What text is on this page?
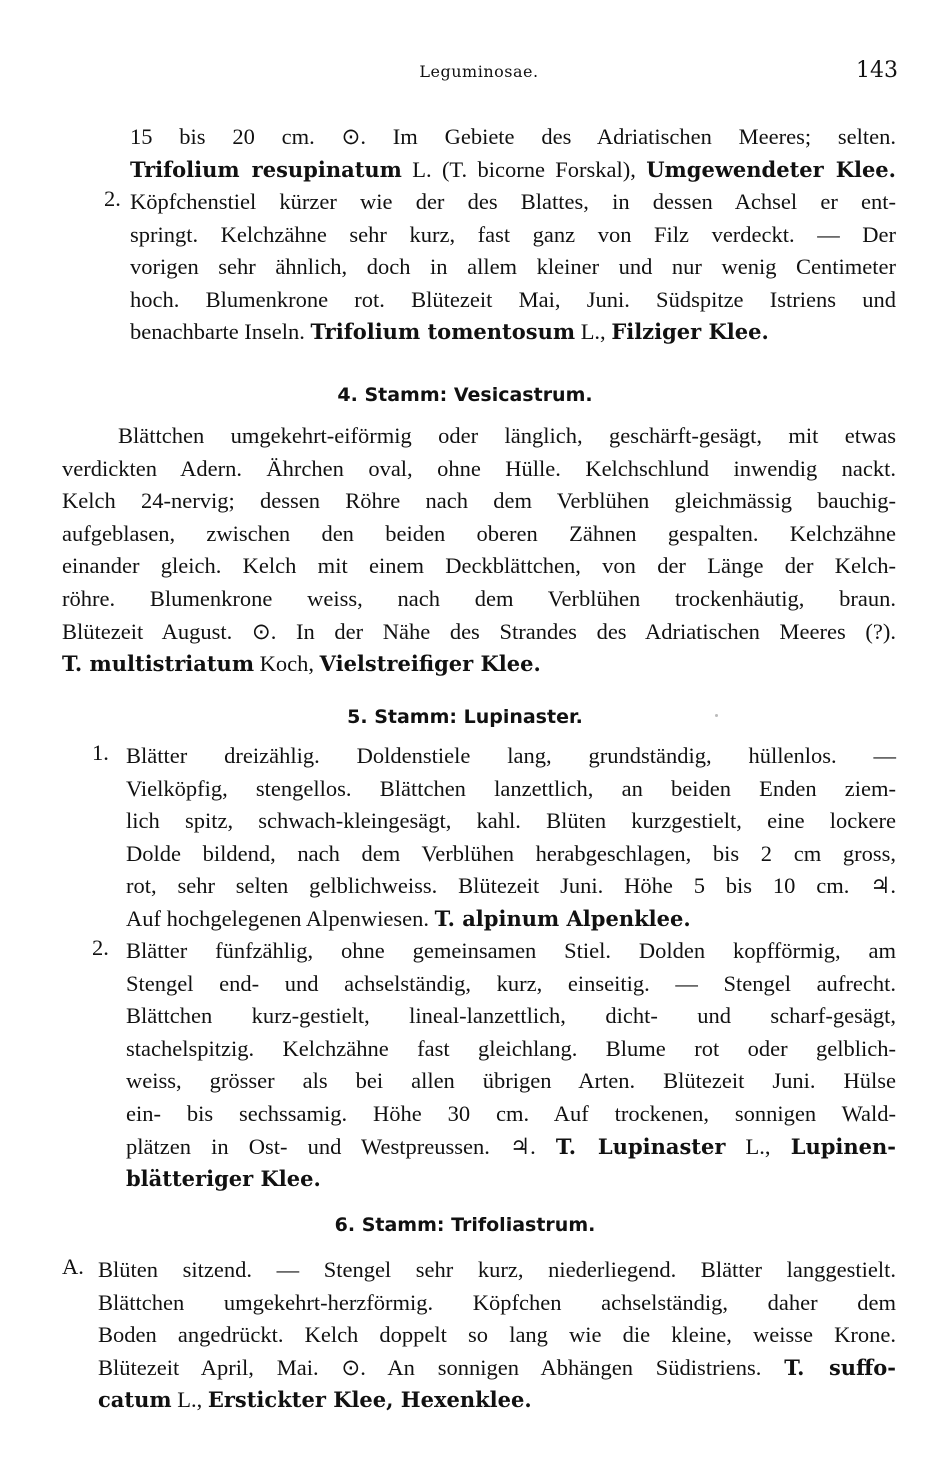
Leguminosae.	143
15 bis 20 cm. ⊙. Im Gebiete des Adriatischen Meeres; selten.
Trifolium resupinatum L. (T. bicorne Forskal), Umgewendeter Klee.
2. Köpfchenstiel kürzer wie der des Blattes, in dessen Achsel er ent-
springt. Kelchzähne sehr kurz, fast ganz von Filz verdeckt. — Der
vorigen sehr ähnlich, doch in allem kleiner und nur wenig Centimeter
hoch. Blumenkrone rot. Blütezeit Mai, Juni. Südspitze Istriens und
benachbarte Inseln. Trifolium tomentosum L., Filziger Klee.
4. Stamm: Vesicastrum.
Blättchen umgekehrt-eiförmig oder länglich, geschärft-gesägt, mit etwas
verdickten Adern. Ährchen oval, ohne Hülle. Kelchschlund inwendig nackt.
Kelch 24-nervig; dessen Röhre nach dem Verblühen gleichmässig bauchig-
aufgeblasen, zwischen den beiden oberen Zähnen gespalten. Kelchzähne
einander gleich. Kelch mit einem Deckblättchen, von der Länge der Kelch-
röhre. Blumenkrone weiss, nach dem Verblühen trockenhäutig, braun.
Blütezeit August. ⊙. In der Nähe des Strandes des Adriatischen Meeres (?).
T. multistriatum Koch, Vielstreifiger Klee.
5. Stamm: Lupinaster.
1. Blätter dreizählig. Doldenstiele lang, grundständig, hüllenlos. —
Vielköpfig, stengellos. Blättchen lanzettlich, an beiden Enden ziem-
lich spitz, schwach-kleingesägt, kahl. Blüten kurzgestielt, eine lockere
Dolde bildend, nach dem Verblühen herabgeschlagen, bis 2 cm gross,
rot, sehr selten gelblichweiss. Blütezeit Juni. Höhe 5 bis 10 cm. ♃.
Auf hochgelegenen Alpenwiesen. T. alpinum Alpenklee.
2. Blätter fünfzählig, ohne gemeinsamen Stiel. Dolden kopfförmig, am
Stengel end- und achselständig, kurz, einseitig. — Stengel aufrecht.
Blättchen kurz-gestielt, lineal-lanzettlich, dicht- und scharf-gesägt,
stachelspitzig. Kelchzähne fast gleichlang. Blume rot oder gelblich-
weiss, grösser als bei allen übrigen Arten. Blütezeit Juni. Hülse
ein- bis sechssamig. Höhe 30 cm. Auf trockenen, sonnigen Wald-
plätzen in Ost- und Westpreussen. ♃. T. Lupinaster L., Lupinen-
blätteriger Klee.
6. Stamm: Trifoliastrum.
A. Blüten sitzend. — Stengel sehr kurz, niederliegend. Blätter langgestielt.
Blättchen umgekehrt-herzförmig. Köpfchen achselständig, daher dem
Boden angedrückt. Kelch doppelt so lang wie die kleine, weisse Krone.
Blütezeit April, Mai. ⊙. An sonnigen Abhängen Südistriens. T. suffo-
catum L., Erstickter Klee, Hexenklee.
